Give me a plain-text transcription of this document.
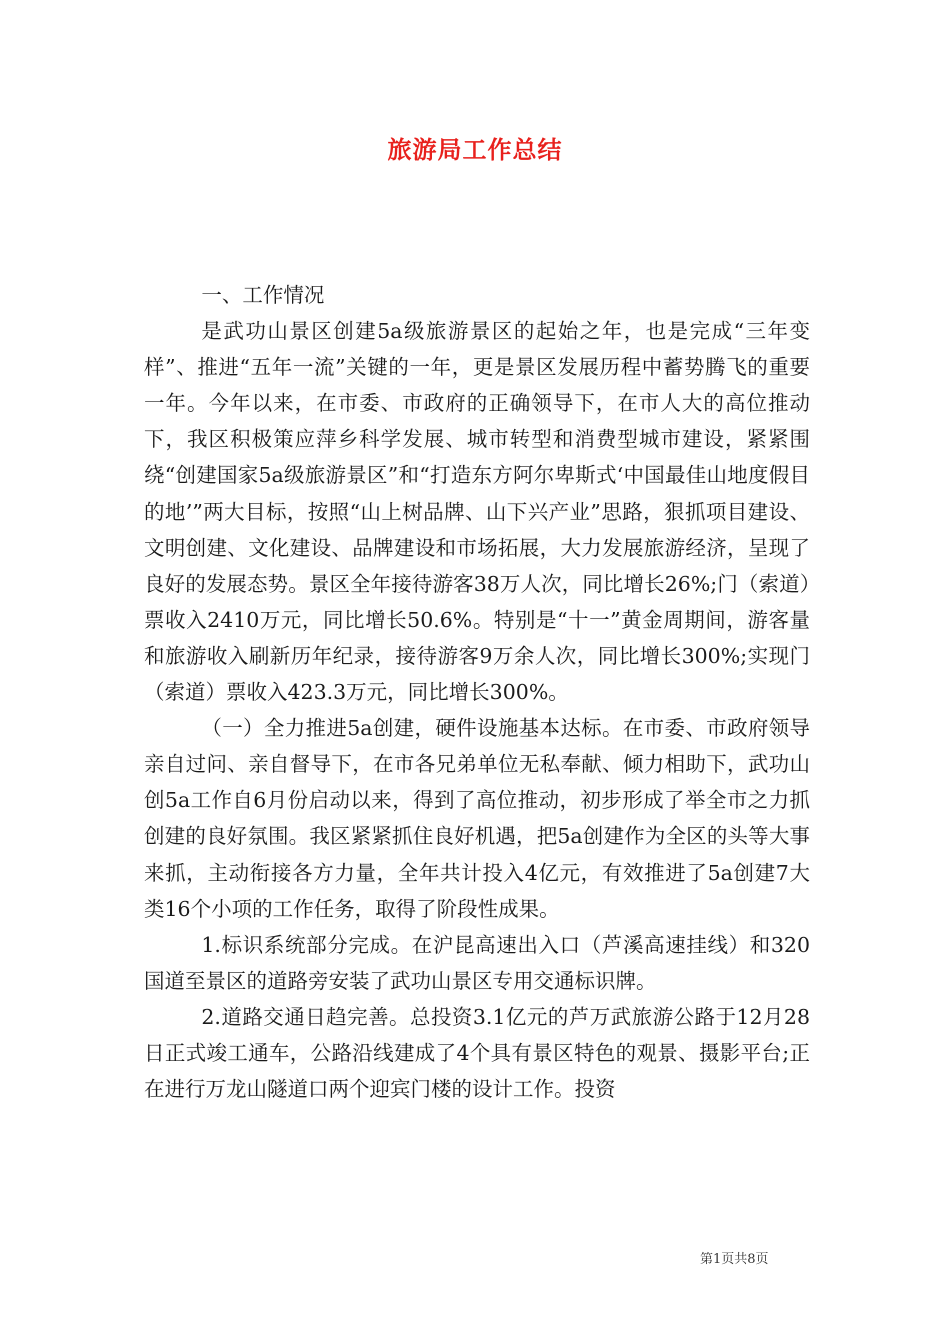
旅游局工作总结

一、工作情况

是武功山景区创建5a级旅游景区的起始之年，也是完成“三年变样”、推进“五年一流”关键的一年，更是景区发展历程中蓄势腾飞的重要一年。今年以来，在市委、市政府的正确领导下，在市人大的高位推动下，我区积极策应萍乡科学发展、城市转型和消费型城市建设，紧紧围绕“创建国家5a级旅游景区”和“打造东方阿尔卑斯式‘中国最佳山地度假目的地’”两大目标，按照“山上树品牌、山下兴产业”思路，狠抓项目建设、文明创建、文化建设、品牌建设和市场拓展，大力发展旅游经济，呈现了良好的发展态势。景区全年接待游客38万人次，同比增长26%;门（索道）票收入2410万元，同比增长50.6%。特别是“十一”黄金周期间，游客量和旅游收入刷新历年纪录，接待游客9万余人次，同比增长300%;实现门（索道）票收入423.3万元，同比增长300%。

（一）全力推进5a创建，硬件设施基本达标。在市委、市政府领导亲自过问、亲自督导下，在市各兄弟单位无私奉献、倾力相助下，武功山创5a工作自6月份启动以来，得到了高位推动，初步形成了举全市之力抓创建的良好氛围。我区紧紧抓住良好机遇，把5a创建作为全区的头等大事来抓，主动衔接各方力量，全年共计投入4亿元，有效推进了5a创建7大类16个小项的工作任务，取得了阶段性成果。

1.标识系统部分完成。在沪昆高速出入口（芦溪高速挂线）和320国道至景区的道路旁安装了武功山景区专用交通标识牌。

2.道路交通日趋完善。总投资3.1亿元的芦万武旅游公路于12月28日正式竣工通车，公路沿线建成了4个具有景区特色的观景、摄影平台;正在进行万龙山隧道口两个迎宾门楼的设计工作。投资

第1页共8页
